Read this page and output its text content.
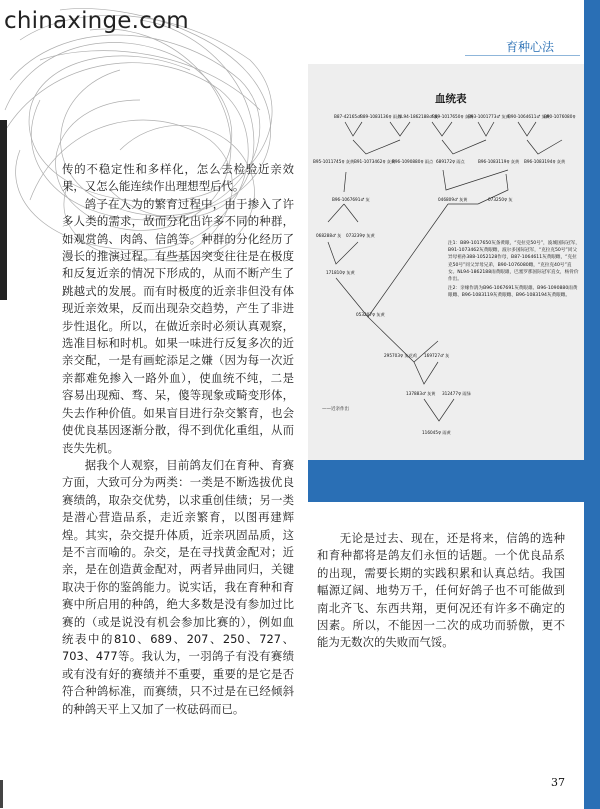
chinaxinge.com
育种心法

传的不稳定性和多样化，怎么去检验近亲效果，又怎么能连续作出理想型后代。

鸽子在人为的繁育过程中，由于掺入了许多人类的需求，故而分化出许多不同的种群，如观赏鸽、肉鸽、信鸽等。种群的分化经历了漫长的推演过程。有些基因突变往往是在极度和反复近亲的情况下形成的，从而不断产生了跳越式的发展。而有时极度的近亲非但没有体现近亲效果，反而出现杂交趋势，产生了非进步性退化。所以，在做近亲时必须认真观察，选准目标和时机。如果一味进行反复多次的近亲交配，一是有画蛇添足之嫌（因为每一次近亲都难免掺入一路外血），使血统不纯，二是容易出现痴、骛、呆，傻等现象或畸变形体，失去作种价值。如果盲目进行杂交繁育，也会使优良基因逐渐分散，得不到优化重组，从而丧失先机。

据我个人观察，目前鸽友们在育种、育赛方面，大致可分为两类：一类是不断选拔优良赛绩鸽，取杂交优势，以求重创佳绩；另一类是潜心营造品系，走近亲繁育，以图再建辉煌。其实，杂交提升体质，近亲巩固品质，这是不言而喻的。杂交，是在寻找黄金配对；近亲，是在创造黄金配对，两者异曲同归，关键取决于你的鉴鸽能力。说实话，我在育种和育赛中所启用的种鸽，绝大多数是没有参加过比赛的（或是说没有机会参加比赛的），例如血统表中的810、689、207、250、727、703、477等。我认为，一羽鸽子有没有赛绩或有没有好的赛绩并不重要，重要的是它是否符合种鸽标准，而赛绩，只不过是在已经倾斜的种鸽天平上又加了一枚砝码而已。

血统表
B87-42165♂ B89-1083136♀ 雨点
NL94-1862188♂ 灰
B89-1017650♀ 灰黄
B93-1001773♂ 灰黄
B90-1064611♂ 灰黄
B90-1076080♀
B95-1011745♀ 灰黄 B91-1073462♀ 灰黄
B96-1090880♀ 雨点 689172♀ 雨点	B96-1083119♀ 灰黄 B96-1083194♀ 灰黄
B96-1067691♂ 灰	046809♂ 灰黄	073250♀ 灰
068288♂ 灰 073239♀ 灰黄
171810♀ 灰黄
053207♀ 灰黄
295703♀ 灰花鸡 169727♂ 灰
137883♂ 灰黄 312477♀ 雨绿
116045♀ 雨黄
——近亲作出
注1：B89-1017650灰条黄眼，“克拉克50号”，波城国际冠军，B91-1073462灰黄眼雌，波尔多国际冠军，“克拉克50号”同父异母祖孙388-1052128作母，B87-1064611灰黄眼雌，“克拉克50号”同父异母兄弟，B90-1076080雌，“克拉克40号”直女。NL94-1862188雨黄眼雄，巴塞罗那国际冠军直女，杨骨价作出。
注2：亲缘作鸽为B96-1067691灰黄眼雄、B96-1090880雨黄眼雌、B96-1083119灰黄眼雌、B96-1083194灰黄眼雌。

无论是过去、现在，还是将来，信鸽的选种和育种都将是鸽友们永恒的话题。一个优良品系的出现，需要长期的实践积累和认真总结。我国幅源辽阔、地势万千，任何好鸽子也不可能做到南北齐飞、东西共翔，更何况还有许多不确定的因素。所以，不能因一二次的成功而骄傲，更不能为无数次的失败而气馁。

37
